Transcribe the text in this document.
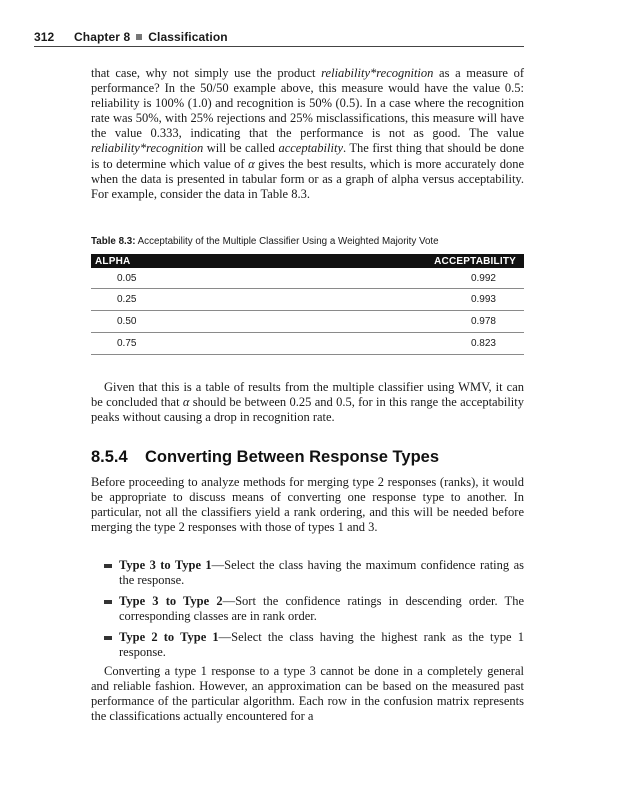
312 Chapter 8 Classification

that case, why not simply use the product reliability*recognition as a measure of performance? In the 50/50 example above, this measure would have the value 0.5: reliability is 100% (1.0) and recognition is 50% (0.5). In a case where the recognition rate was 50%, with 25% rejections and 25% misclassifications, this measure will have the value 0.333, indicating that the performance is not as good. The value reliability*recognition will be called acceptability. The first thing that should be done is to determine which value of α gives the best results, which is more accurately done when the data is presented in tabular form or as a graph of alpha versus acceptability. For example, consider the data in Table 8.3.

Table 8.3: Acceptability of the Multiple Classifier Using a Weighted Majority Vote
ALPHA	ACCEPTABILITY
0.05	0.992
0.25	0.993
0.50	0.978
0.75	0.823

Given that this is a table of results from the multiple classifier using WMV, it can be concluded that α should be between 0.25 and 0.5, for in this range the acceptability peaks without causing a drop in recognition rate.

8.5.4 Converting Between Response Types

Before proceeding to analyze methods for merging type 2 responses (ranks), it would be appropriate to discuss means of converting one response type to another. In particular, not all the classifiers yield a rank ordering, and this will be needed before merging the type 2 responses with those of types 1 and 3.

Type 3 to Type 1—Select the class having the maximum confidence rating as the response.
Type 3 to Type 2—Sort the confidence ratings in descending order. The corresponding classes are in rank order.
Type 2 to Type 1—Select the class having the highest rank as the type 1 response.

Converting a type 1 response to a type 3 cannot be done in a completely general and reliable fashion. However, an approximation can be based on the measured past performance of the particular algorithm. Each row in the confusion matrix represents the classifications actually encountered for a
